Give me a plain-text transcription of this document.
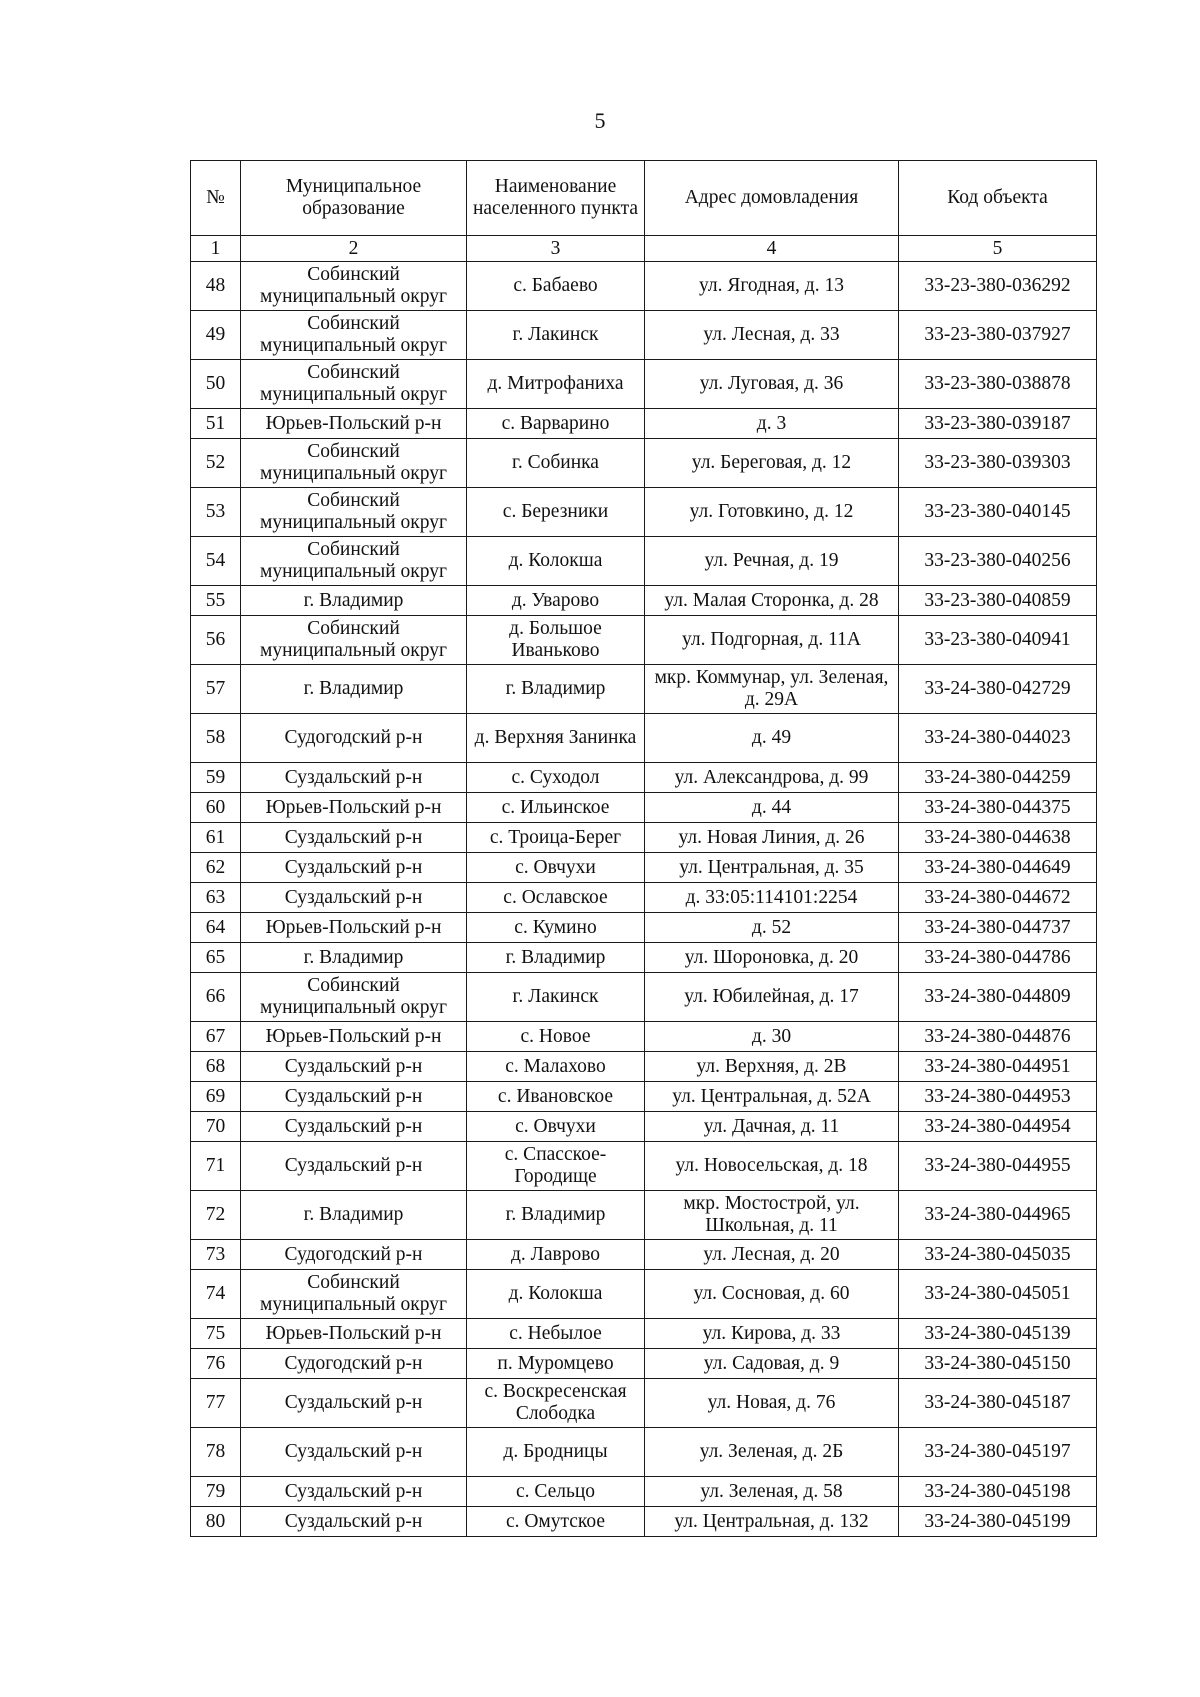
5
№	Муниципальное образование	Наименование населенного пункта	Адрес домовладения	Код объекта
1	2	3	4	5
48	Собинский муниципальный округ	с. Бабаево	ул. Ягодная, д. 13	33-23-380-036292
49	Собинский муниципальный округ	г. Лакинск	ул. Лесная, д. 33	33-23-380-037927
50	Собинский муниципальный округ	д. Митрофаниха	ул. Луговая, д. 36	33-23-380-038878
51	Юрьев-Польский р-н	с. Варварино	д. 3	33-23-380-039187
52	Собинский муниципальный округ	г. Собинка	ул. Береговая, д. 12	33-23-380-039303
53	Собинский муниципальный округ	с. Березники	ул. Готовкино, д. 12	33-23-380-040145
54	Собинский муниципальный округ	д. Колокша	ул. Речная, д. 19	33-23-380-040256
55	г. Владимир	д. Уварово	ул. Малая Сторонка, д. 28	33-23-380-040859
56	Собинский муниципальный округ	д. Большое Иваньково	ул. Подгорная, д. 11А	33-23-380-040941
57	г. Владимир	г. Владимир	мкр. Коммунар, ул. Зеленая, д. 29А	33-24-380-042729
58	Судогодский р-н	д. Верхняя Занинка	д. 49	33-24-380-044023
59	Суздальский р-н	с. Суходол	ул. Александрова, д. 99	33-24-380-044259
60	Юрьев-Польский р-н	с. Ильинское	д. 44	33-24-380-044375
61	Суздальский р-н	с. Троица-Берег	ул. Новая Линия, д. 26	33-24-380-044638
62	Суздальский р-н	с. Овчухи	ул. Центральная, д. 35	33-24-380-044649
63	Суздальский р-н	с. Ославское	д. 33:05:114101:2254	33-24-380-044672
64	Юрьев-Польский р-н	с. Кумино	д. 52	33-24-380-044737
65	г. Владимир	г. Владимир	ул. Шороновка, д. 20	33-24-380-044786
66	Собинский муниципальный округ	г. Лакинск	ул. Юбилейная, д. 17	33-24-380-044809
67	Юрьев-Польский р-н	с. Новое	д. 30	33-24-380-044876
68	Суздальский р-н	с. Малахово	ул. Верхняя, д. 2В	33-24-380-044951
69	Суздальский р-н	с. Ивановское	ул. Центральная, д. 52А	33-24-380-044953
70	Суздальский р-н	с. Овчухи	ул. Дачная, д. 11	33-24-380-044954
71	Суздальский р-н	с. Спасское-Городище	ул. Новосельская, д. 18	33-24-380-044955
72	г. Владимир	г. Владимир	мкр. Мостострой, ул. Школьная, д. 11	33-24-380-044965
73	Судогодский р-н	д. Лаврово	ул. Лесная, д. 20	33-24-380-045035
74	Собинский муниципальный округ	д. Колокша	ул. Сосновая, д. 60	33-24-380-045051
75	Юрьев-Польский р-н	с. Небылое	ул. Кирова, д. 33	33-24-380-045139
76	Судогодский р-н	п. Муромцево	ул. Садовая, д. 9	33-24-380-045150
77	Суздальский р-н	с. Воскресенская Слободка	ул. Новая, д. 76	33-24-380-045187
78	Суздальский р-н	д. Бродницы	ул. Зеленая, д. 2Б	33-24-380-045197
79	Суздальский р-н	с. Сельцо	ул. Зеленая, д. 58	33-24-380-045198
80	Суздальский р-н	с. Омутское	ул. Центральная, д. 132	33-24-380-045199
